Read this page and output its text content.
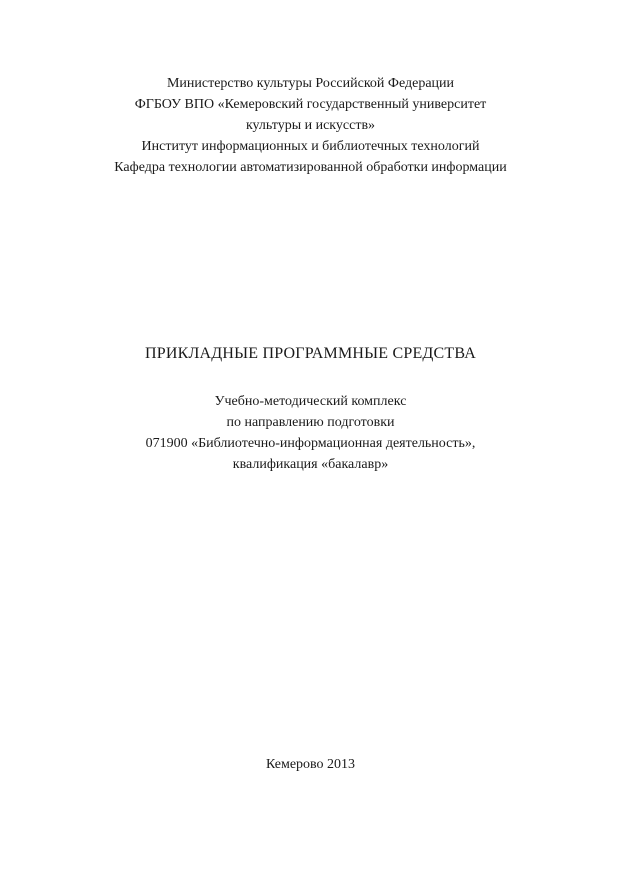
Министерство культуры Российской Федерации
ФГБОУ ВПО «Кемеровский государственный университет
культуры и искусств»
Институт информационных и библиотечных технологий
Кафедра технологии автоматизированной обработки информации
ПРИКЛАДНЫЕ ПРОГРАММНЫЕ СРЕДСТВА
Учебно-методический комплекс
по направлению подготовки
071900 «Библиотечно-информационная деятельность»,
квалификация «бакалавр»
Кемерово 2013
